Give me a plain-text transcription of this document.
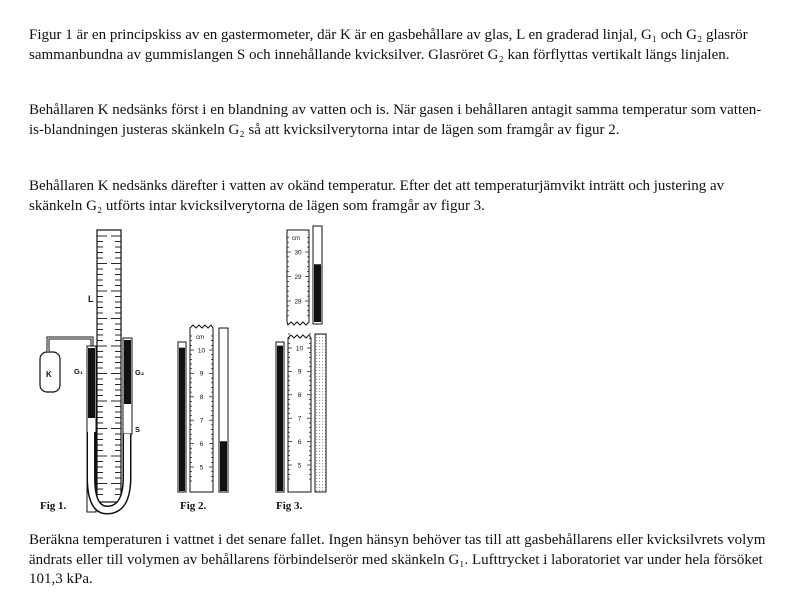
Figur 1 är en principskiss av en gastermometer, där K är en gasbehållare av glas, L en graderad linjal, G₁ och G₂ glasrör sammanbundna av gummislangen S och innehållande kvicksilver. Glasröret G₂ kan förflyttas vertikalt längs linjalen.

Behållaren K nedsänks först i en blandning av vatten och is. När gasen i behållaren antagit samma temperatur som vatten-is-blandningen justeras skänkeln G₂ så att kvicksilverytorna intar de lägen som framgår av figur 2.

Behållaren K nedsänks därefter i vatten av okänd temperatur. Efter det att temperaturjämvikt inträtt och justering av skänkeln G₂ utförts intar kvicksilverytorna de lägen som framgår av figur 3.

L
K	G₁	G₂
S
cm
10
9
8
7
6
5
cm
30
29
28
10
9
8
7
6
5
Fig 1.	Fig 2.	Fig 3.

Beräkna temperaturen i vattnet i det senare fallet. Ingen hänsyn behöver tas till att gasbehållarens eller kvicksilvrets volym ändrats eller till volymen av behållarens förbindelserör med skänkeln G₁. Lufttrycket i laboratoriet var under hela försöket 101,3 kPa.
